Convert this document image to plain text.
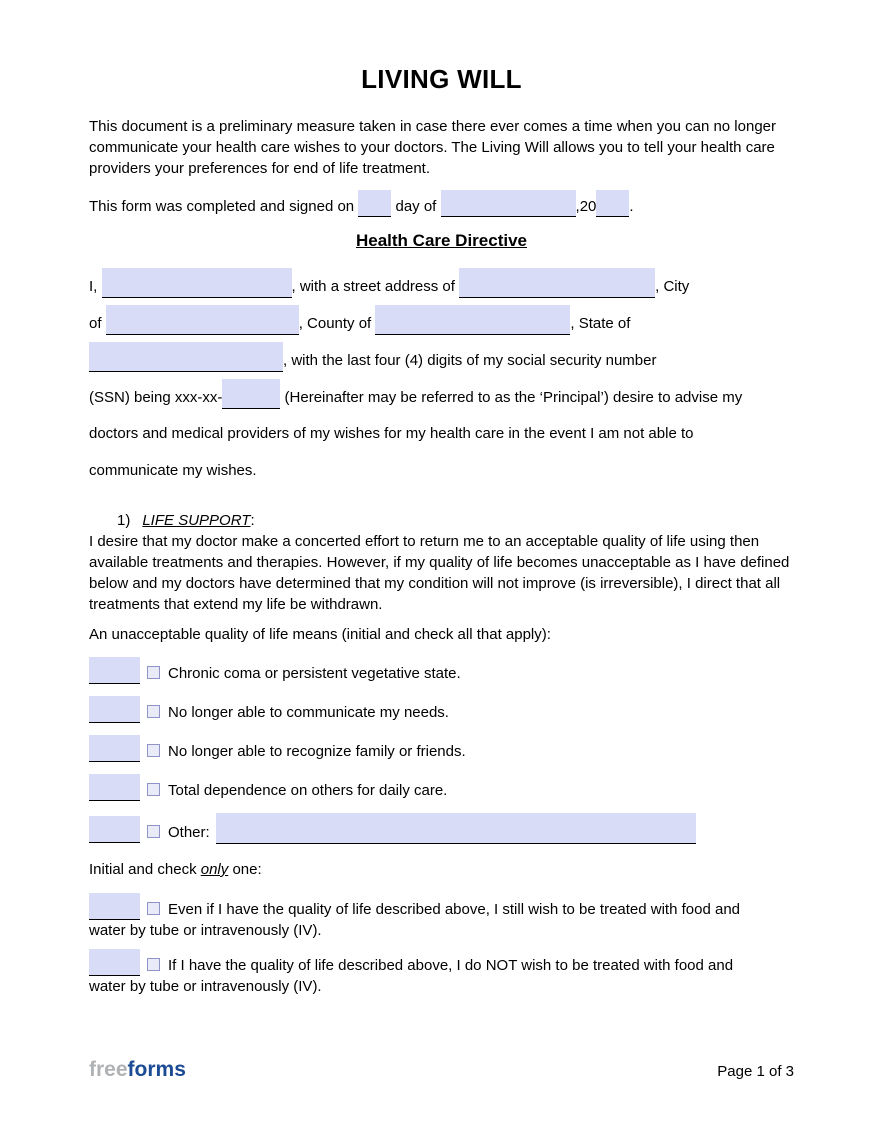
LIVING WILL

This document is a preliminary measure taken in case there ever comes a time when you can no longer communicate your health care wishes to your doctors. The Living Will allows you to tell your health care providers your preferences for end of life treatment.

This form was completed and signed on	day of	,20 .
Health Care Directive
I,	, with a street address of	, City
of	, County of	, State of
, with the last four (4) digits of my social security number
(SSN) being xxx-xx-	(Hereinafter may be referred to as the ‘Principal’) desire to advise my
doctors and medical providers of my wishes for my health care in the event I am not able to
communicate my wishes.
1) LIFE SUPPORT:

I desire that my doctor make a concerted effort to return me to an acceptable quality of life using then available treatments and therapies. However, if my quality of life becomes unacceptable as I have defined below and my doctors have determined that my condition will not improve (is irreversible), I direct that all treatments that extend my life be withdrawn.

An unacceptable quality of life means (initial and check all that apply):

Chronic coma or persistent vegetative state.
No longer able to communicate my needs.
No longer able to recognize family or friends.
Total dependence on others for daily care.
Other:

Initial and check only one:

Even if I have the quality of life described above, I still wish to be treated with food and
water by tube or intravenously (IV).
If I have the quality of life described above, I do NOT wish to be treated with food and
water by tube or intravenously (IV).
freeforms	Page 1 of 3
